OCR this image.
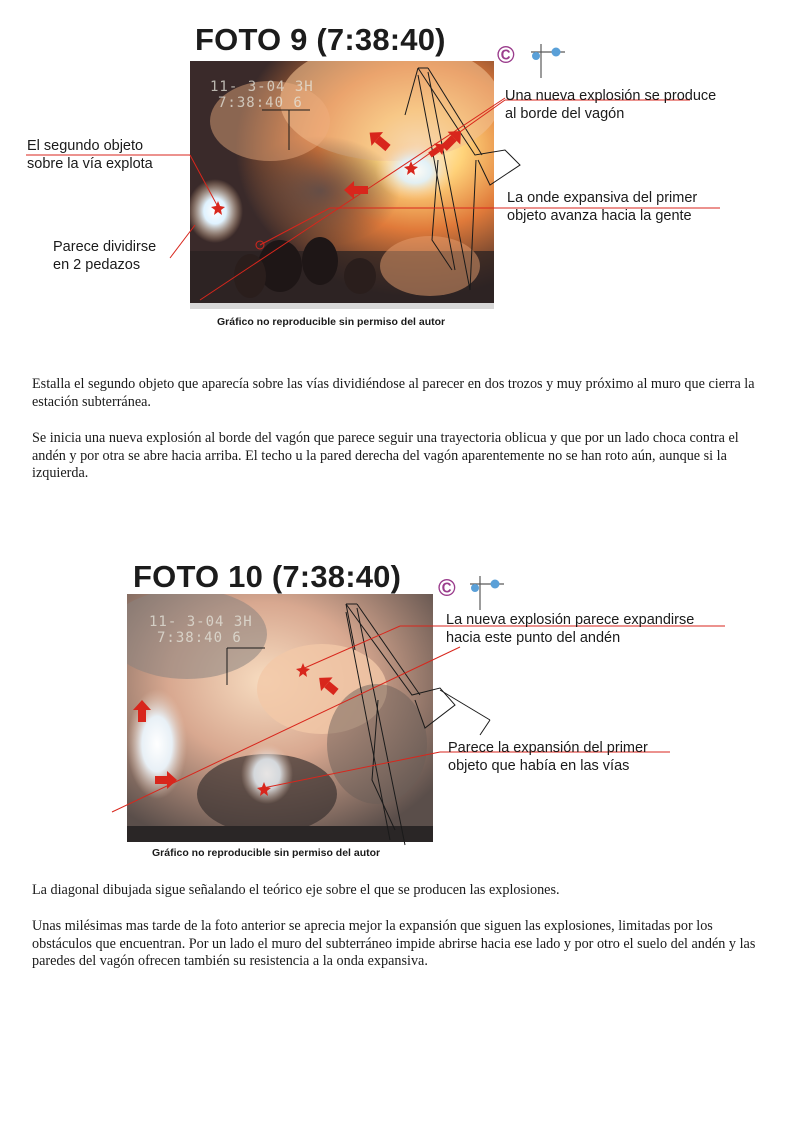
FOTO 9 (7:38:40) ©
11- 3-04 3H
7:38:40 6
El segundo objeto
sobre la vía explota
Parece dividirse
en 2 pedazos
Una nueva explosión se produce
al borde del vagón
La onde expansiva del primer
objeto avanza hacia la gente
Gráfico no reproducible sin permiso del autor
Estalla el segundo objeto que aparecía sobre las vías dividiéndose al parecer en dos trozos y muy próximo al muro que cierra la estación subterránea.
Se inicia una nueva explosión al borde del vagón que parece seguir una trayectoria oblicua y que por un lado choca contra el andén y por otra se abre hacia arriba. El techo u la pared derecha del vagón aparentemente no se han roto aún, aunque si la izquierda.
FOTO 10 (7:38:40) ©
11- 3-04 3H
7:38:40 6
La nueva explosión parece expandirse
hacia este punto del andén
Parece la expansión del primer
objeto que había en las vías
Gráfico no reproducible sin permiso del autor
La diagonal dibujada sigue señalando el teórico eje sobre el que se producen las explosiones.
Unas milésimas mas tarde de la foto anterior se aprecia mejor la expansión que siguen las explosiones, limitadas por los obstáculos que encuentran. Por un lado el muro del subterráneo impide abrirse hacia ese lado y por otro el suelo del andén y las paredes del vagón ofrecen también su resistencia a la onda expansiva.
